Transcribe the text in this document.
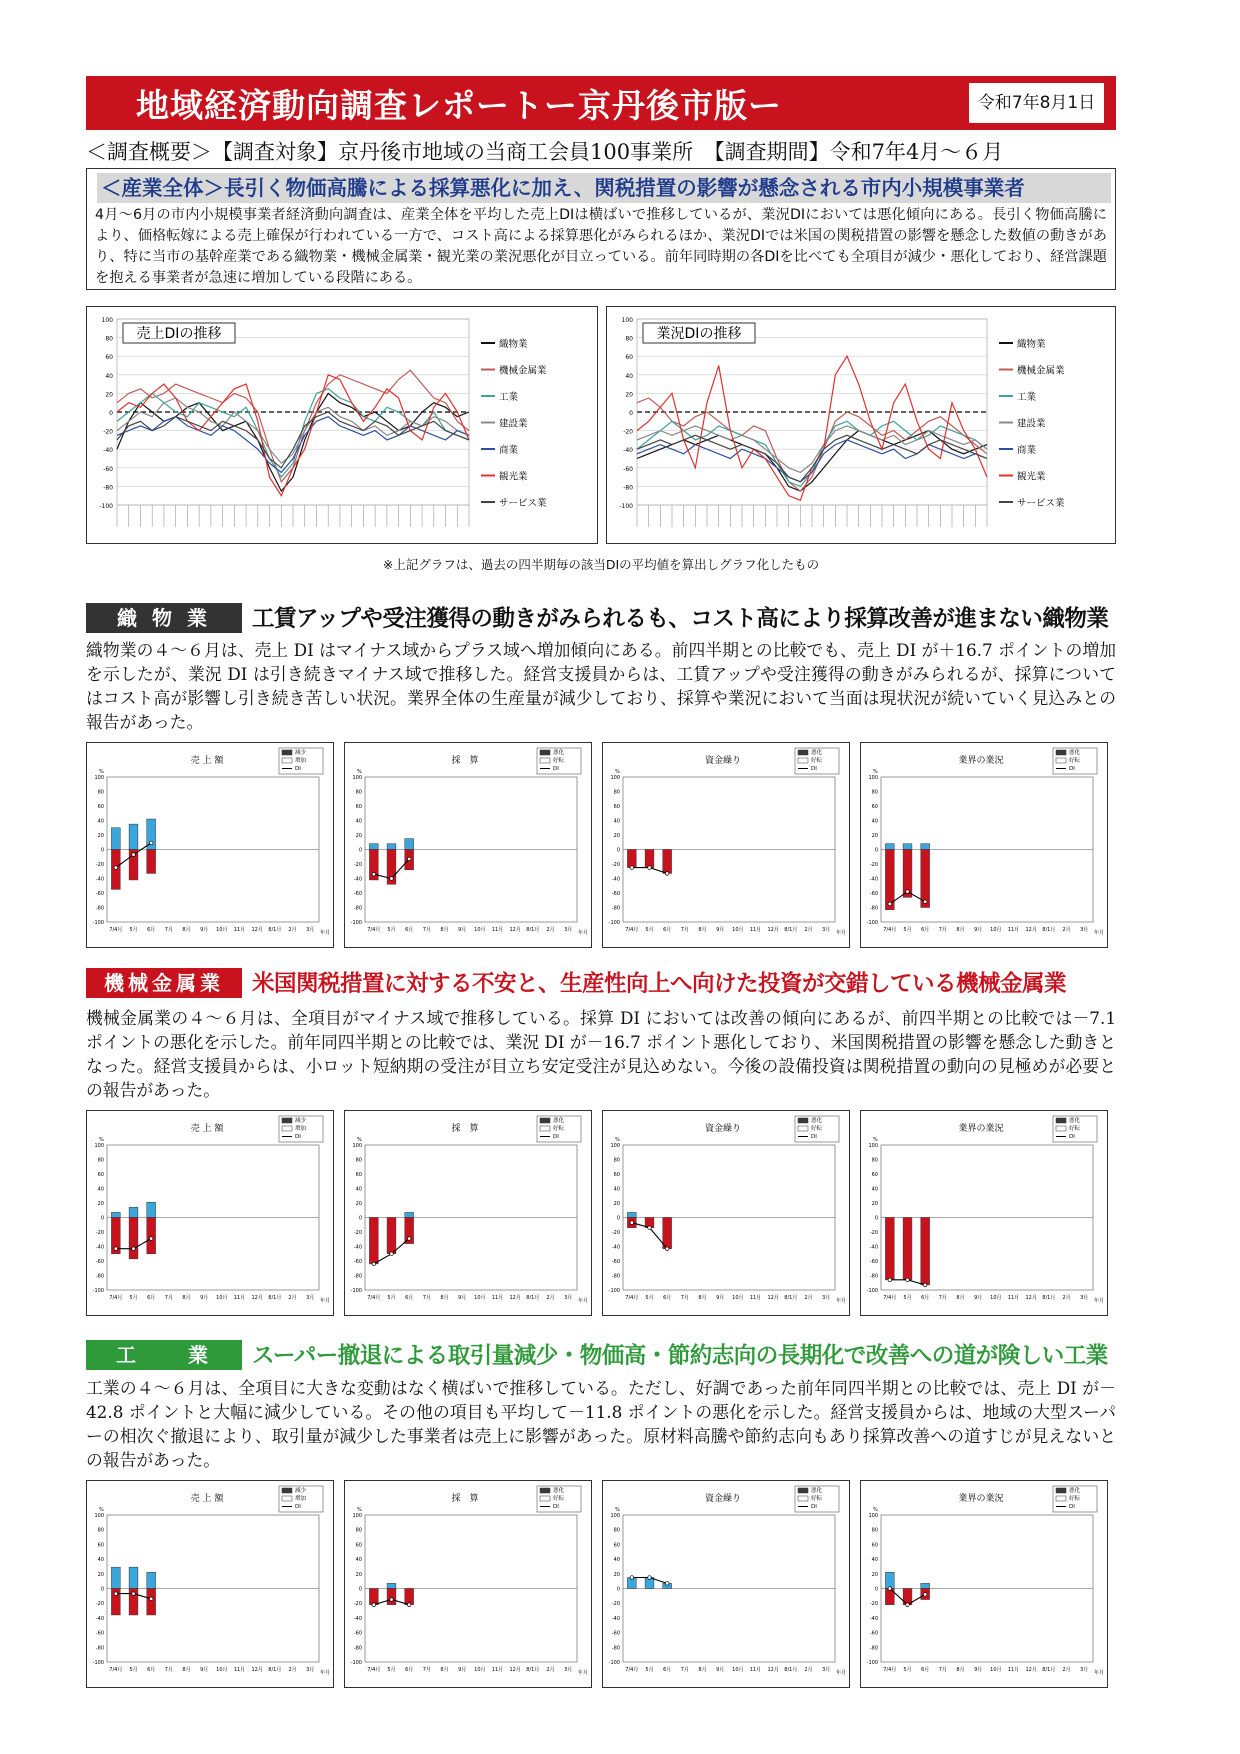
地域経済動向調査レポートー京丹後市版ー	令和7年8月1日
＜調査概要＞【調査対象】京丹後市地域の当商工会員100事業所　【調査期間】令和7年4月～６月
＜産業全体＞長引く物価高騰による採算悪化に加え、関税措置の影響が懸念される市内小規模事業者
4月～6月の市内小規模事業者経済動向調査は、産業全体を平均した売上DIは横ばいで推移しているが、業況DIにおいては悪化傾向にある。長引く物価高騰により、価格転嫁による売上確保が行われている一方で、コスト高による採算悪化がみられるほか、業況DIでは米国の関税措置の影響を懸念した数値の動きがあり、特に当市の基幹産業である織物業・機械金属業・観光業の業況悪化が目立っている。前年同時期の各DIを比べても全項目が減少・悪化しており、経営課題を抱える事業者が急速に増加している段階にある。
100
80
60
40
20
0
-20
-40
-60
-80
-100
売上DIの推移
織物業
機械金属業
工業
建設業
商業
観光業
サービス業
100
80
60
40
20
0
-20
-40
-60
-80
-100
業況DIの推移
織物業
機械金属業
工業
建設業
商業
観光業
サービス業
※上記グラフは、過去の四半期毎の該当DIの平均値を算出しグラフ化したもの
織 物 業	工賃アップや受注獲得の動きがみられるも、コスト高により採算改善が進まない織物業
織物業の４～６月は、売上 DI はマイナス域からプラス域へ増加傾向にある。前四半期との比較でも、売上 DI が＋16.7 ポイントの増加を示したが、業況 DI は引き続きマイナス域で推移した。経営支援員からは、工賃アップや受注獲得の動きがみられるが、採算についてはコスト高が影響し引き続き苦しい状況。業界全体の生産量が減少しており、採算や業況において当面は現状況が続いていく見込みとの報告があった。
機械金属業	米国関税措置に対する不安と、生産性向上へ向けた投資が交錯している機械金属業
機械金属業の４～６月は、全項目がマイナス域で推移している。採算 DI においては改善の傾向にあるが、前四半期との比較では－7.1 ポイントの悪化を示した。前年同四半期との比較では、業況 DI が－16.7 ポイント悪化しており、米国関税措置の影響を懸念した動きとなった。経営支援員からは、小ロット短納期の受注が目立ち安定受注が見込めない。今後の設備投資は関税措置の動向の見極めが必要との報告があった。
工　　業	スーパー撤退による取引量減少・物価高・節約志向の長期化で改善への道が険しい工業
工業の４～６月は、全項目に大きな変動はなく横ばいで推移している。ただし、好調であった前年同四半期との比較では、売上 DI が－42.8 ポイントと大幅に減少している。その他の項目も平均して－11.8 ポイントの悪化を示した。経営支援員からは、地域の大型スーパーの相次ぐ撤退により、取引量が減少した事業者は売上に影響があった。原材料高騰や節約志向もあり採算改善への道すじが見えないとの報告があった。
売 上 額
減少
増加
DI
%
100
80
60
40
20
0
-20
-40
-60
-80
-100
7/4月 5月 6月 7月 8月 9月 10月 11月 12月 8/1月 2月 3月 年月
採　算
悪化
好転
DI
%
100
80
60
40
20
0
-20
-40
-60
-80
-100
7/4月 5月 6月 7月 8月 9月 10月 11月 12月 8/1月 2月 3月 年月
資金繰り
悪化
好転
DI
%
100
80
60
40
20
0
-20
-40
-60
-80
-100
7/4月 5月 6月 7月 8月 9月 10月 11月 12月 8/1月 2月 3月 年月
業界の業況
悪化
好転
DI
%
100
80
60
40
20
0
-20
-40
-60
-80
-100
7/4月 5月 6月 7月 8月 9月 10月 11月 12月 8/1月 2月 3月 年月
売 上 額
減少
増加
DI
%
100
80
60
40
20
0
-20
-40
-60
-80
-100
7/4月 5月 6月 7月 8月 9月 10月 11月 12月 8/1月 2月 3月 年月
採　算
悪化
好転
DI
%
100
80
60
40
20
0
-20
-40
-60
-80
-100
7/4月 5月 6月 7月 8月 9月 10月 11月 12月 8/1月 2月 3月 年月
資金繰り
悪化
好転
DI
%
100
80
60
40
20
0
-20
-40
-60
-80
-100
7/4月 5月 6月 7月 8月 9月 10月 11月 12月 8/1月 2月 3月 年月
業界の業況
悪化
好転
DI
%
100
80
60
40
20
0
-20
-40
-60
-80
-100
7/4月 5月 6月 7月 8月 9月 10月 11月 12月 8/1月 2月 3月 年月
売 上 額
減少
増加
DI
%
100
80
60
40
20
0
-20
-40
-60
-80
-100
7/4月 5月 6月 7月 8月 9月 10月 11月 12月 8/1月 2月 3月 年月
採　算
悪化
好転
DI
%
100
80
60
40
20
0
-20
-40
-60
-80
-100
7/4月 5月 6月 7月 8月 9月 10月 11月 12月 8/1月 2月 3月 年月
資金繰り
悪化
好転
DI
%
100
80
60
40
20
0
-20
-40
-60
-80
-100
7/4月 5月 6月 7月 8月 9月 10月 11月 12月 8/1月 2月 3月 年月
業界の業況
悪化
好転
DI
%
100
80
60
40
20
0
-20
-40
-60
-80
-100
7/4月 5月 6月 7月 8月 9月 10月 11月 12月 8/1月 2月 3月 年月
